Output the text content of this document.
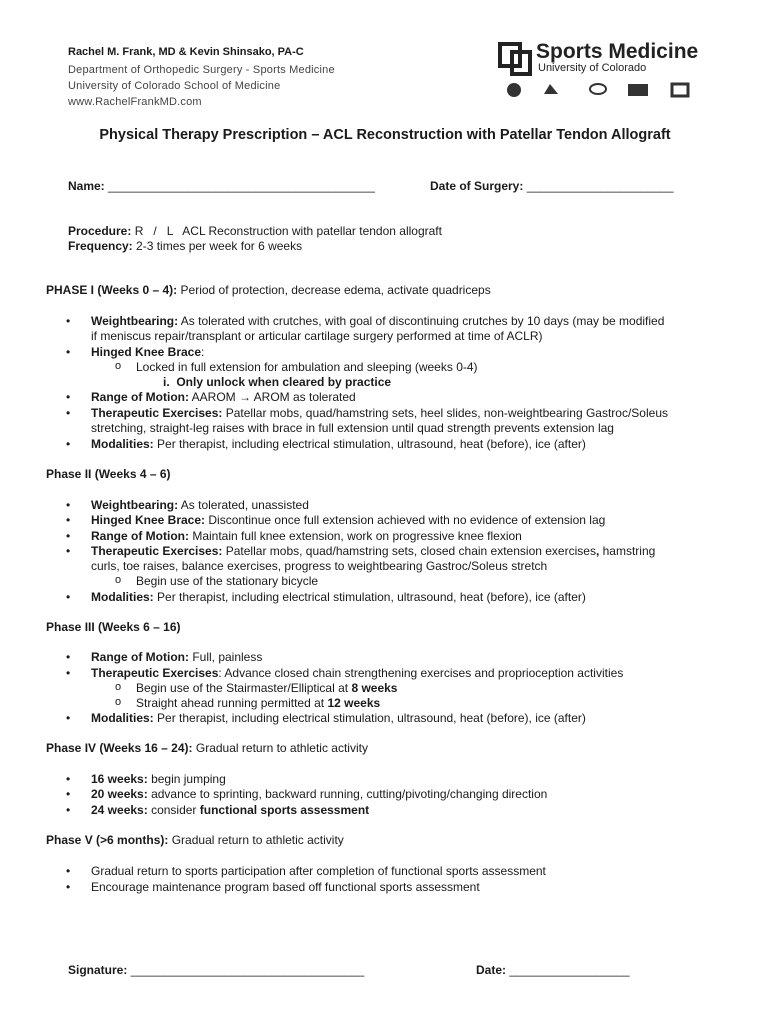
Rachel M. Frank, MD & Kevin Shinsako, PA-C
Department of Orthopedic Surgery - Sports Medicine
University of Colorado School of Medicine
www.RachelFrankMD.com
Sports Medicine
University of Colorado
Physical Therapy Prescription – ACL Reconstruction with Patellar Tendon Allograft
Name: ________________________________________	Date of Surgery: ______________________
Procedure: R   /   L   ACL Reconstruction with patellar tendon allograft
Frequency: 2-3 times per week for 6 weeks
PHASE I (Weeks 0 – 4): Period of protection, decrease edema, activate quadriceps
• Weightbearing: As tolerated with crutches, with goal of discontinuing crutches by 10 days (may be modified
if meniscus repair/transplant or articular cartilage surgery performed at time of ACLR)
• Hinged Knee Brace:
o Locked in full extension for ambulation and sleeping (weeks 0-4)
i. Only unlock when cleared by practice
• Range of Motion: AAROM → AROM as tolerated
• Therapeutic Exercises: Patellar mobs, quad/hamstring sets, heel slides, non-weightbearing Gastroc/Soleus
stretching, straight-leg raises with brace in full extension until quad strength prevents extension lag
• Modalities: Per therapist, including electrical stimulation, ultrasound, heat (before), ice (after)
Phase II (Weeks 4 – 6)
• Weightbearing: As tolerated, unassisted
• Hinged Knee Brace: Discontinue once full extension achieved with no evidence of extension lag
• Range of Motion: Maintain full knee extension, work on progressive knee flexion
• Therapeutic Exercises: Patellar mobs, quad/hamstring sets, closed chain extension exercises, hamstring
curls, toe raises, balance exercises, progress to weightbearing Gastroc/Soleus stretch
o Begin use of the stationary bicycle
• Modalities: Per therapist, including electrical stimulation, ultrasound, heat (before), ice (after)
Phase III (Weeks 6 – 16)
• Range of Motion: Full, painless
• Therapeutic Exercises: Advance closed chain strengthening exercises and proprioception activities
o Begin use of the Stairmaster/Elliptical at 8 weeks
o Straight ahead running permitted at 12 weeks
• Modalities: Per therapist, including electrical stimulation, ultrasound, heat (before), ice (after)
Phase IV (Weeks 16 – 24): Gradual return to athletic activity
• 16 weeks: begin jumping
• 20 weeks: advance to sprinting, backward running, cutting/pivoting/changing direction
• 24 weeks: consider functional sports assessment
Phase V (>6 months): Gradual return to athletic activity
• Gradual return to sports participation after completion of functional sports assessment
• Encourage maintenance program based off functional sports assessment
Signature: ___________________________________	Date: __________________
